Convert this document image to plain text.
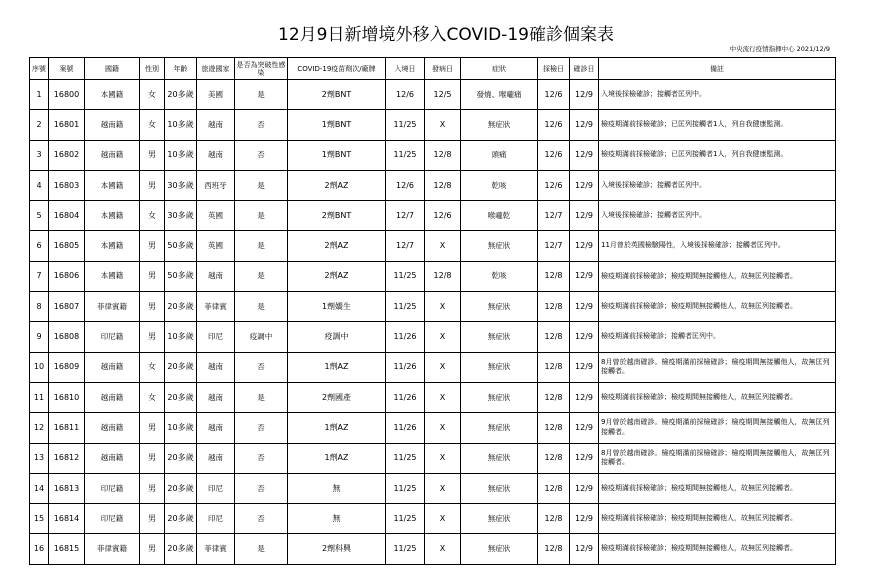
12月9日新增境外移入COVID-19確診個案表
中央流行疫情指揮中心 2021/12/9
序號	案號	國籍	性別	年齡	旅遊國家	是否為突破性感染	COVID-19疫苗劑次/廠牌	入境日	發病日	症狀	採檢日	確診日	備註
1	16800	本國籍	女	20多歲	美國	是	2劑BNT	12/6	12/5	發燒、喉嚨痛	12/6	12/9	入境後採檢確診；接觸者匡列中。
2	16801	越南籍	女	10多歲	越南	否	1劑BNT	11/25	X	無症狀	12/6	12/9	檢疫期滿前採檢確診；已匡列接觸者1人，列自我健康監測。
3	16802	越南籍	男	10多歲	越南	否	1劑BNT	11/25	12/8	頭痛	12/6	12/9	檢疫期滿前採檢確診；已匡列接觸者1人，列自我健康監測。
4	16803	本國籍	男	30多歲	西班牙	是	2劑AZ	12/6	12/8	乾咳	12/6	12/9	入境後採檢確診；接觸者匡列中。
5	16804	本國籍	女	30多歲	英國	是	2劑BNT	12/7	12/6	喉嚨乾	12/7	12/9	入境後採檢確診；接觸者匡列中。
6	16805	本國籍	男	50多歲	英國	是	2劑AZ	12/7	X	無症狀	12/7	12/9	11月曾於英國檢驗陽性，入境後採檢確診；接觸者匡列中。
7	16806	本國籍	男	50多歲	越南	是	2劑AZ	11/25	12/8	乾咳	12/8	12/9	檢疫期滿前採檢確診；檢疫期間無接觸他人，故無匡列接觸者。
8	16807	菲律賓籍	男	20多歲	菲律賓	是	1劑嬌生	11/25	X	無症狀	12/8	12/9	檢疫期滿前採檢確診；檢疫期間無接觸他人，故無匡列接觸者。
9	16808	印尼籍	男	10多歲	印尼	疫調中	疫調中	11/26	X	無症狀	12/8	12/9	檢疫期滿前採檢確診；接觸者匡列中。
10	16809	越南籍	女	20多歲	越南	否	1劑AZ	11/26	X	無症狀	12/8	12/9	8月曾於越南確診。檢疫期滿前採檢確診；檢疫期間無接觸他人，故無匡列接觸者。
11	16810	越南籍	女	20多歲	越南	是	2劑國產	11/26	X	無症狀	12/8	12/9	檢疫期滿前採檢確診；檢疫期間無接觸他人，故無匡列接觸者。
12	16811	越南籍	男	10多歲	越南	否	1劑AZ	11/26	X	無症狀	12/8	12/9	9月曾於越南確診。檢疫期滿前採檢確診；檢疫期間無接觸他人，故無匡列接觸者。
13	16812	越南籍	男	20多歲	越南	否	1劑AZ	11/25	X	無症狀	12/8	12/9	8月曾於越南確診。檢疫期滿前採檢確診；檢疫期間無接觸他人，故無匡列接觸者。
14	16813	印尼籍	男	20多歲	印尼	否	無	11/25	X	無症狀	12/8	12/9	檢疫期滿前採檢確診；檢疫期間無接觸他人，故無匡列接觸者。
15	16814	印尼籍	男	20多歲	印尼	否	無	11/25	X	無症狀	12/8	12/9	檢疫期滿前採檢確診；檢疫期間無接觸他人，故無匡列接觸者。
16	16815	菲律賓籍	男	20多歲	菲律賓	是	2劑科興	11/25	X	無症狀	12/8	12/9	檢疫期滿前採檢確診；檢疫期間無接觸他人，故無匡列接觸者。
